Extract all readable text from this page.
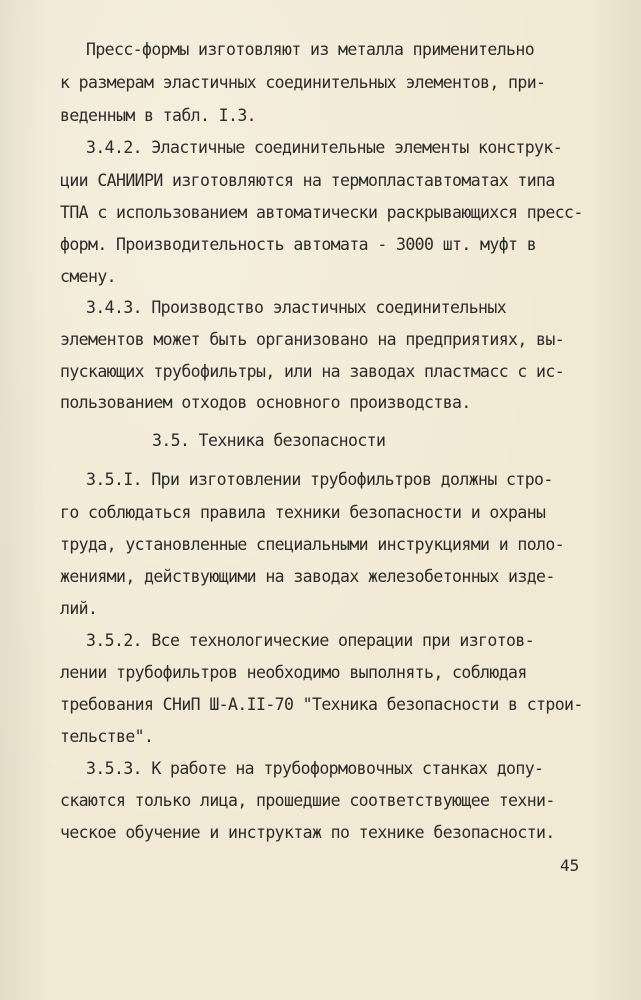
Пресс-формы изготовляют из металла применительно
к размерам эластичных соединительных элементов, при-
веденным в табл. I.3.
3.4.2. Эластичные соединительные элементы конструк-
ции САНИИРИ изготовляются на термопластавтоматах типа
ТПА с использованием автоматически раскрывающихся пресс-
форм. Производительность автомата - 3000 шт. муфт в
смену.
3.4.3. Производство эластичных соединительных
элементов может быть организовано на предприятиях, вы-
пускающих трубофильтры, или на заводах пластмасс с ис-
пользованием отходов основного производства.
3.5. Техника безопасности
3.5.I. При изготовлении трубофильтров должны стро-
го соблюдаться правила техники безопасности и охраны
труда, установленные специальными инструкциями и поло-
жениями, действующими на заводах железобетонных изде-
лий.
3.5.2. Все технологические операции при изготов-
лении трубофильтров необходимо выполнять, соблюдая
требования СНиП Ш-А.II-70 "Техника безопасности в строи-
тельстве".
3.5.3. К работе на трубоформовочных станках допу-
скаются только лица, прошедшие соответствующее техни-
ческое обучение и инструктаж по технике безопасности.
45
